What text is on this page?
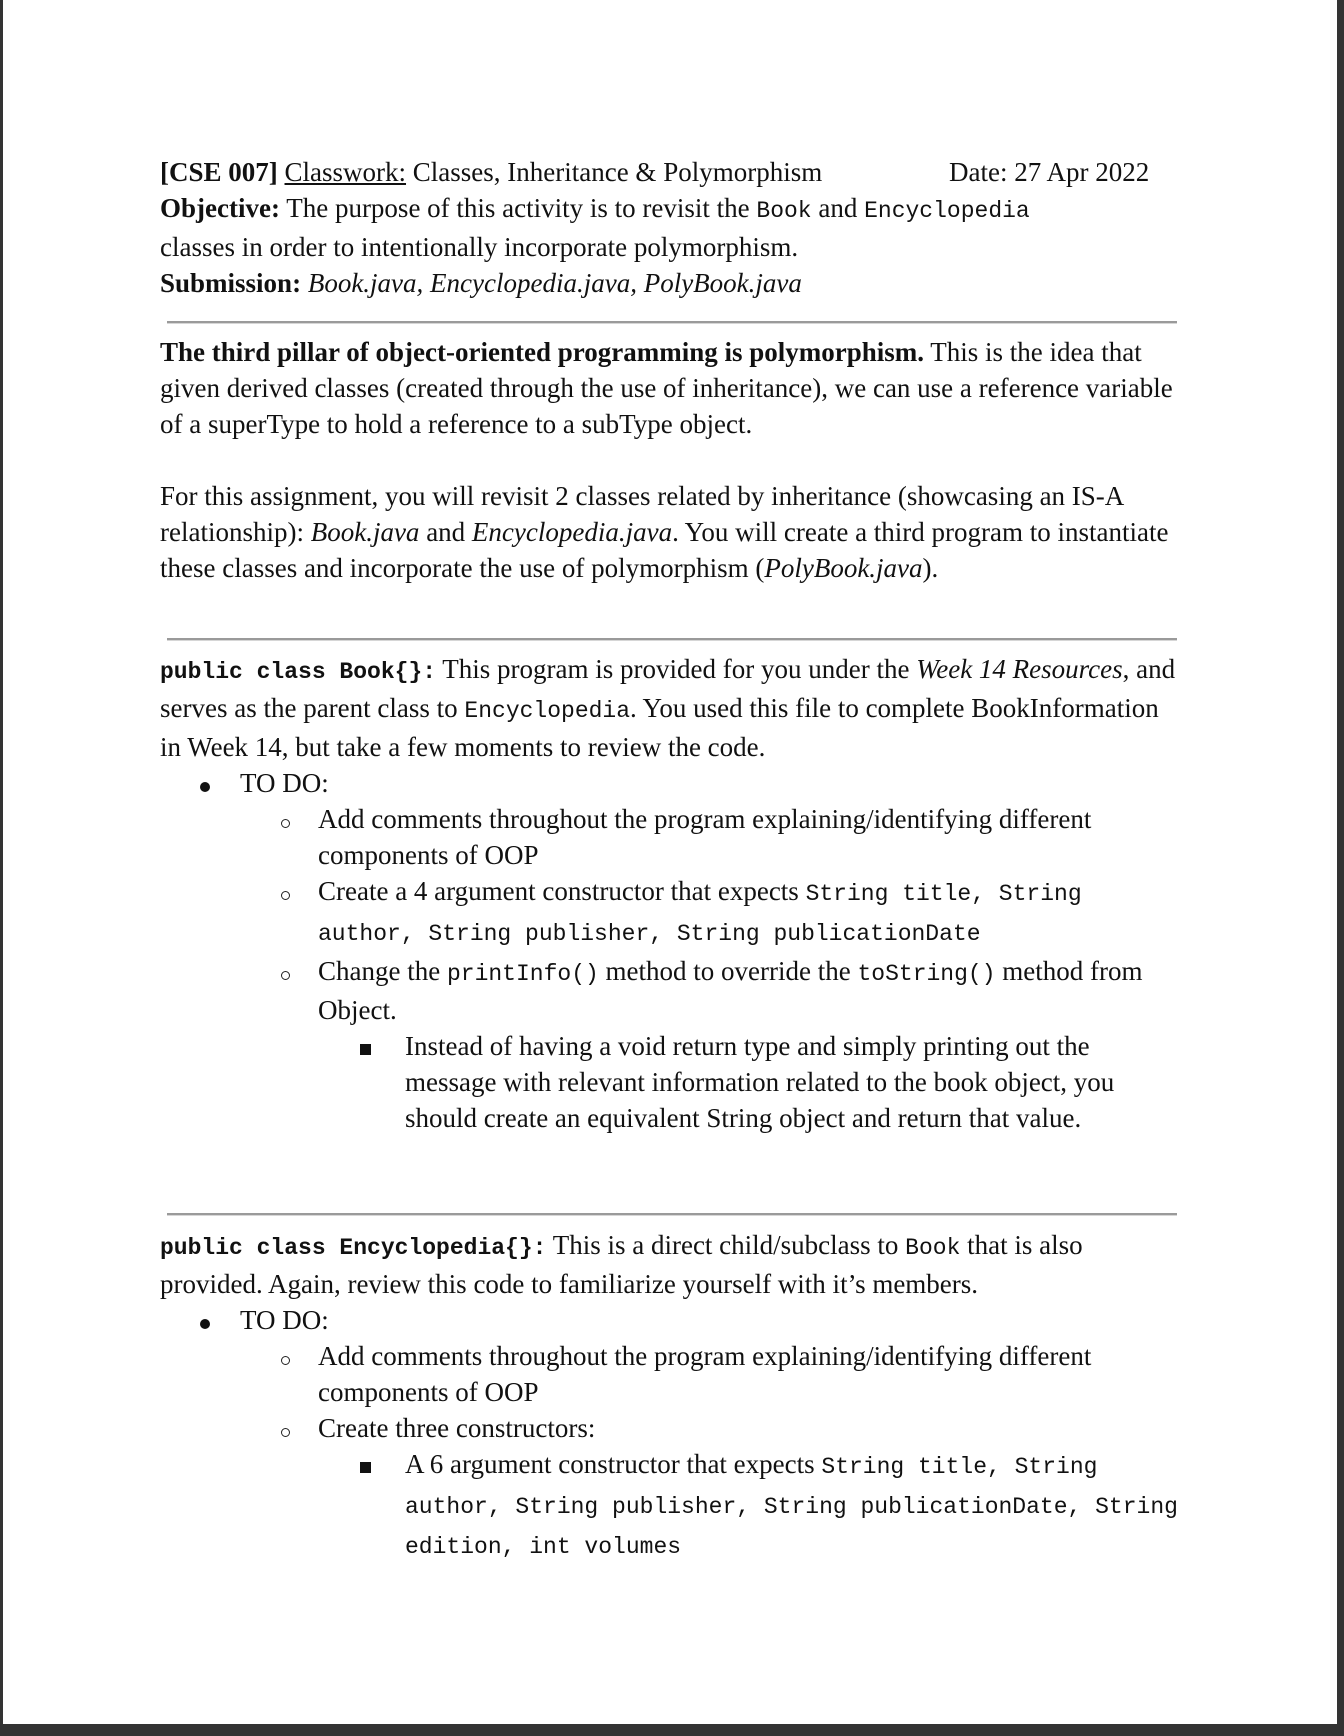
[CSE 007] Classwork: Classes, Inheritance & Polymorphism	Date: 27 Apr 2022

Objective: The purpose of this activity is to revisit the Book and Encyclopedia
classes in order to intentionally incorporate polymorphism.

Submission: Book.java, Encyclopedia.java, PolyBook.java

The third pillar of object-oriented programming is polymorphism. This is the idea that given derived classes (created through the use of inheritance), we can use a reference variable of a superType to hold a reference to a subType object.

For this assignment, you will revisit 2 classes related by inheritance (showcasing an IS-A relationship): Book.java and Encyclopedia.java. You will create a third program to instantiate these classes and incorporate the use of polymorphism (PolyBook.java).

public class Book{}: This program is provided for you under the Week 14 Resources, and serves as the parent class to Encyclopedia. You used this file to complete BookInformation in Week 14, but take a few moments to review the code.

TO DO:
Add comments throughout the program explaining/identifying different components of OOP
Create a 4 argument constructor that expects String title, String author, String publisher, String publicationDate
Change the printInfo() method to override the toString() method from Object.
Instead of having a void return type and simply printing out the message with relevant information related to the book object, you should create an equivalent String object and return that value.

public class Encyclopedia{}: This is a direct child/subclass to Book that is also provided. Again, review this code to familiarize yourself with it’s members.

TO DO:
Add comments throughout the program explaining/identifying different components of OOP
Create three constructors:
A 6 argument constructor that expects String title, String author, String publisher, String publicationDate, String edition, int volumes
